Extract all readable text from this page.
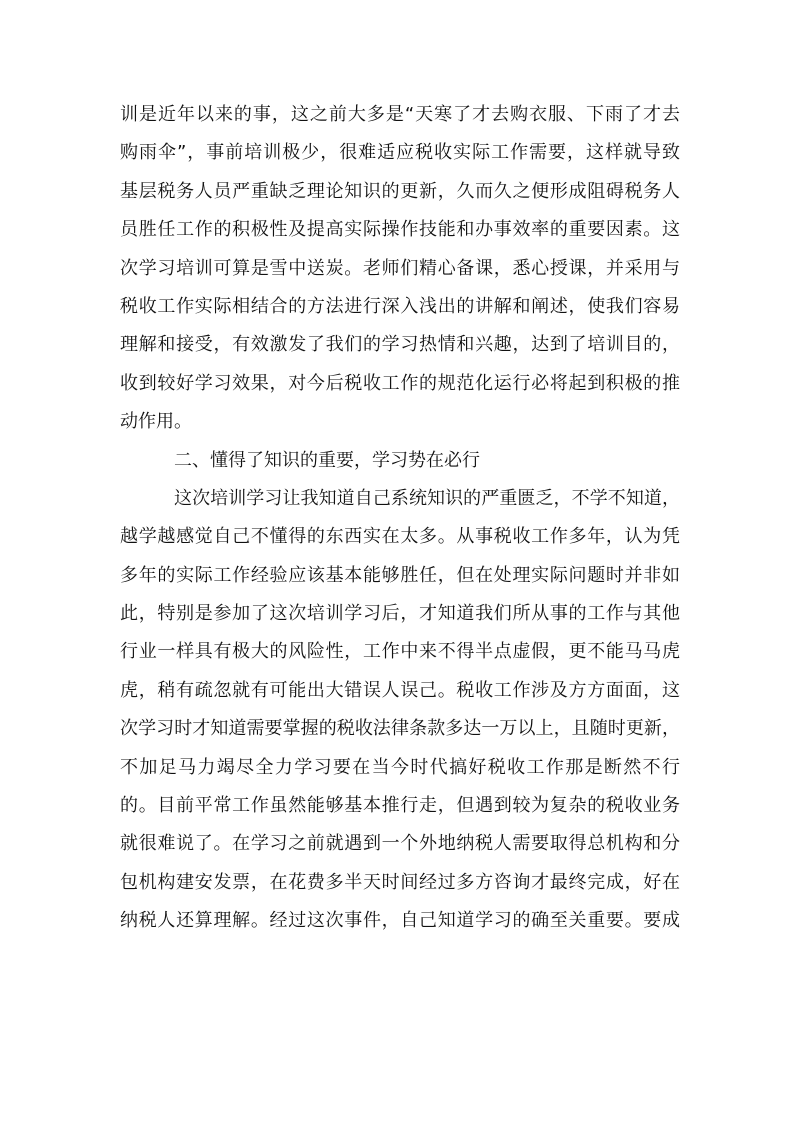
训是近年以来的事，这之前大多是“天寒了才去购衣服、下雨了才去
购雨伞”，事前培训极少，很难适应税收实际工作需要，这样就导致
基层税务人员严重缺乏理论知识的更新，久而久之便形成阻碍税务人
员胜任工作的积极性及提高实际操作技能和办事效率的重要因素。这
次学习培训可算是雪中送炭。老师们精心备课，悉心授课，并采用与
税收工作实际相结合的方法进行深入浅出的讲解和阐述，使我们容易
理解和接受，有效激发了我们的学习热情和兴趣，达到了培训目的，
收到较好学习效果，对今后税收工作的规范化运行必将起到积极的推
动作用。
二、懂得了知识的重要，学习势在必行
这次培训学习让我知道自己系统知识的严重匮乏，不学不知道，
越学越感觉自己不懂得的东西实在太多。从事税收工作多年，认为凭
多年的实际工作经验应该基本能够胜任，但在处理实际问题时并非如
此，特别是参加了这次培训学习后，才知道我们所从事的工作与其他
行业一样具有极大的风险性，工作中来不得半点虚假，更不能马马虎
虎，稍有疏忽就有可能出大错误人误己。税收工作涉及方方面面，这
次学习时才知道需要掌握的税收法律条款多达一万以上，且随时更新，
不加足马力竭尽全力学习要在当今时代搞好税收工作那是断然不行
的。目前平常工作虽然能够基本推行走，但遇到较为复杂的税收业务
就很难说了。在学习之前就遇到一个外地纳税人需要取得总机构和分
包机构建安发票，在花费多半天时间经过多方咨询才最终完成，好在
纳税人还算理解。经过这次事件，自己知道学习的确至关重要。要成
